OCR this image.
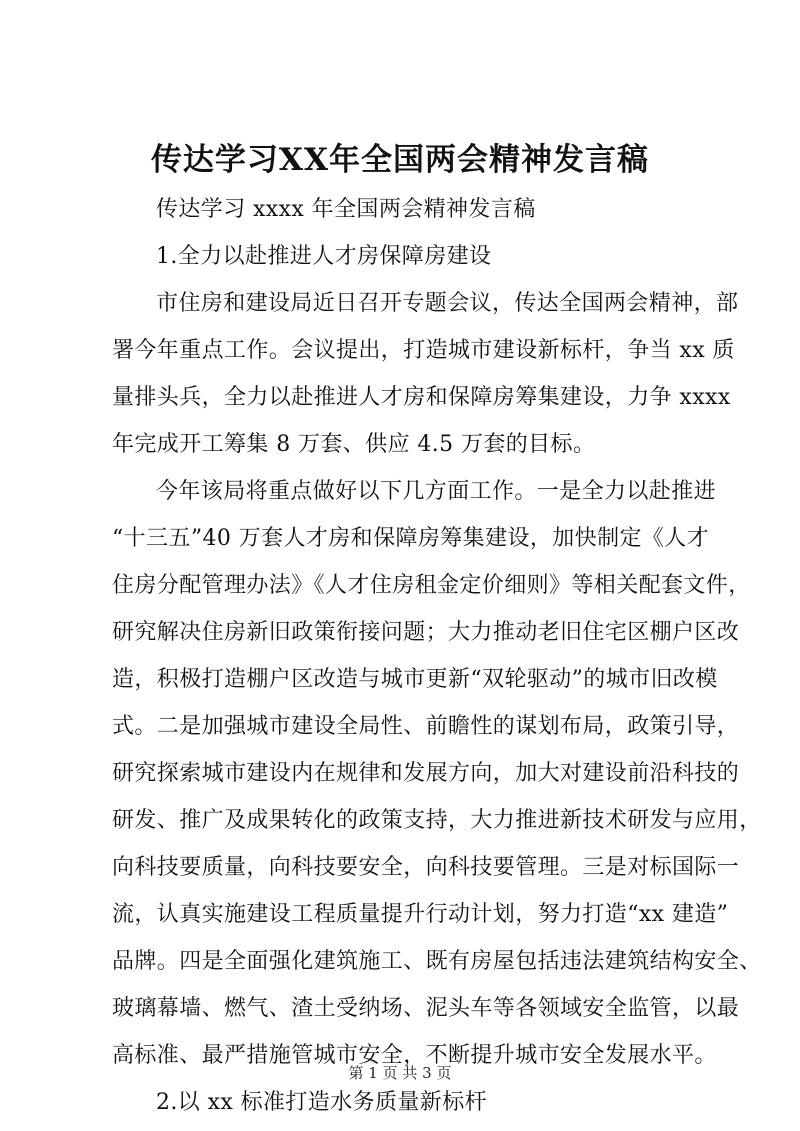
传达学习XX年全国两会精神发言稿

传达学习 xxxx 年全国两会精神发言稿

1.全力以赴推进人才房保障房建设

市住房和建设局近日召开专题会议，传达全国两会精神，部
署今年重点工作。会议提出，打造城市建设新标杆，争当 xx 质
量排头兵，全力以赴推进人才房和保障房筹集建设，力争 xxxx
年完成开工筹集 8 万套、供应 4.5 万套的目标。

今年该局将重点做好以下几方面工作。一是全力以赴推进
“十三五”40 万套人才房和保障房筹集建设，加快制定《人才
住房分配管理办法》《人才住房租金定价细则》等相关配套文件，
研究解决住房新旧政策衔接问题；大力推动老旧住宅区棚户区改
造，积极打造棚户区改造与城市更新“双轮驱动”的城市旧改模
式。二是加强城市建设全局性、前瞻性的谋划布局，政策引导，
研究探索城市建设内在规律和发展方向，加大对建设前沿科技的
研发、推广及成果转化的政策支持，大力推进新技术研发与应用，
向科技要质量，向科技要安全，向科技要管理。三是对标国际一
流，认真实施建设工程质量提升行动计划，努力打造“xx 建造”
品牌。四是全面强化建筑施工、既有房屋包括违法建筑结构安全、
玻璃幕墙、燃气、渣土受纳场、泥头车等各领域安全监管，以最
高标准、最严措施管城市安全，不断提升城市安全发展水平。

2.以 xx 标准打造水务质量新标杆

第 1 页 共 3 页
